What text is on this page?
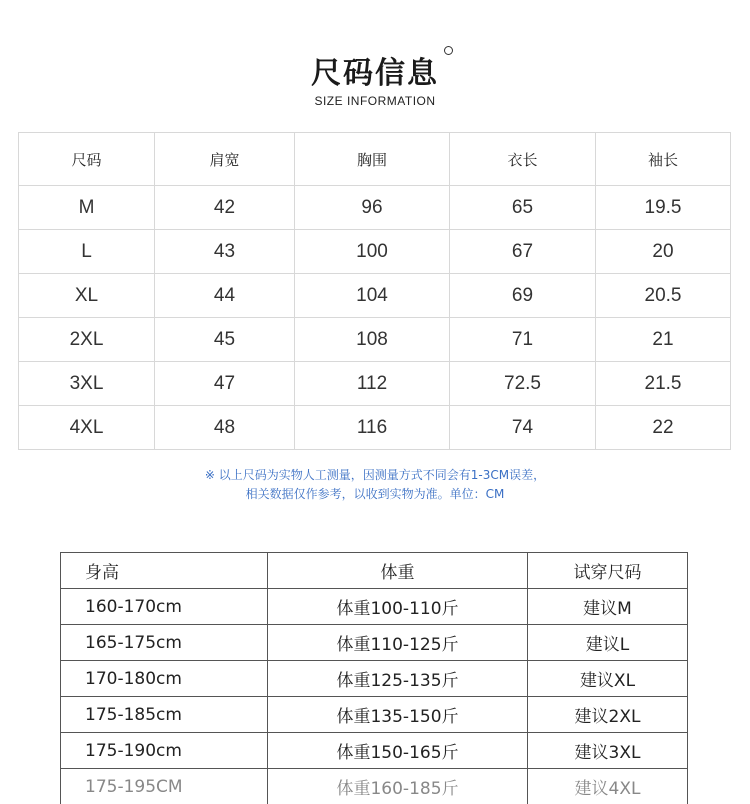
尺码信息
SIZE INFORMATION
尺码	肩宽	胸围	衣长	袖长
M	42	96	65	19.5
L	43	100	67	20
XL	44	104	69	20.5
2XL	45	108	71	21
3XL	47	112	72.5	21.5
4XL	48	116	74	22
※ 以上尺码为实物人工测量，因测量方式不同会有1-3CM误差，
相关数据仅作参考，以收到实物为准。单位：CM
身高	体重	试穿尺码
160-170cm	体重100-110斤	建议M
165-175cm	体重110-125斤	建议L
170-180cm	体重125-135斤	建议XL
175-185cm	体重135-150斤	建议2XL
175-190cm	体重150-165斤	建议3XL
175-195CM	体重160-185斤	建议4XL
